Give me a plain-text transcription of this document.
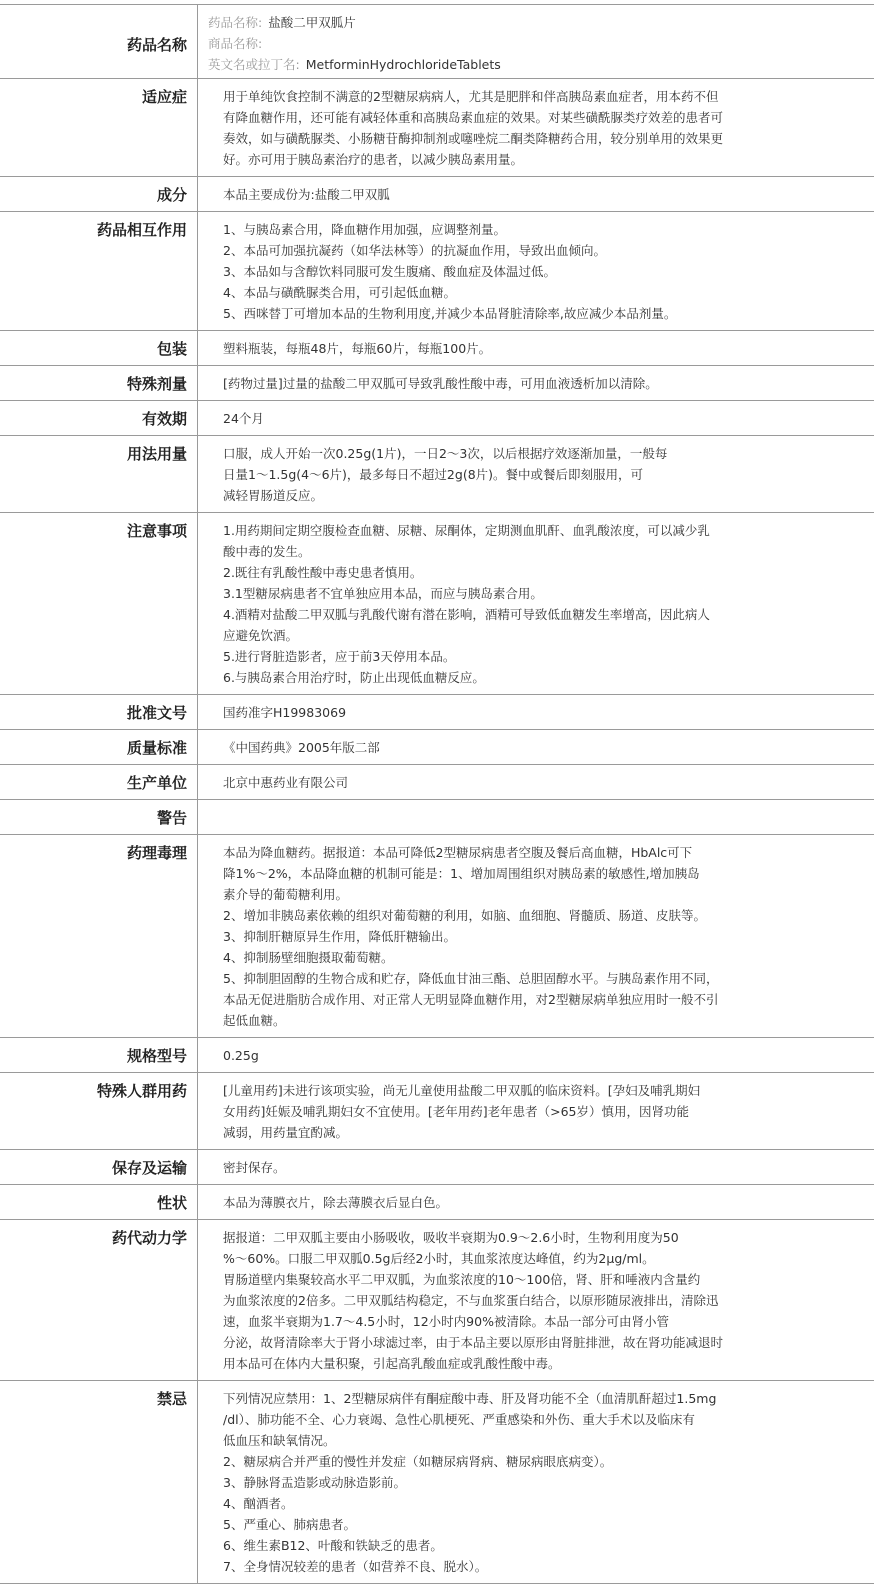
药品名称
药品名称: 盐酸二甲双胍片
商品名称:
英文名或拉丁名: MetforminHydrochlorideTablets
适应症	用于单纯饮食控制不满意的2型糖尿病病人，尤其是肥胖和伴高胰岛素血症者，用本药不但
有降血糖作用，还可能有减轻体重和高胰岛素血症的效果。对某些磺酰脲类疗效差的患者可
奏效，如与磺酰脲类、小肠糖苷酶抑制剂或噻唑烷二酮类降糖药合用，较分别单用的效果更
好。亦可用于胰岛素治疗的患者，以减少胰岛素用量。
成分	本品主要成份为:盐酸二甲双胍
药品相互作用	1、与胰岛素合用，降血糖作用加强，应调整剂量。
2、本品可加强抗凝药（如华法林等）的抗凝血作用，导致出血倾向。
3、本品如与含醇饮料同服可发生腹痛、酸血症及体温过低。
4、本品与磺酰脲类合用，可引起低血糖。
5、西咪替丁可增加本品的生物利用度,并减少本品肾脏清除率,故应减少本品剂量。
包装	塑料瓶装，每瓶48片，每瓶60片，每瓶100片。
特殊剂量	[药物过量]过量的盐酸二甲双胍可导致乳酸性酸中毒，可用血液透析加以清除。
有效期	24个月
用法用量	口服，成人开始一次0.25g(1片)，一日2～3次，以后根据疗效逐渐加量，一般每
日量1～1.5g(4～6片)，最多每日不超过2g(8片)。餐中或餐后即刻服用，可
减轻胃肠道反应。
注意事项	1.用药期间定期空腹检查血糖、尿糖、尿酮体，定期测血肌酐、血乳酸浓度，可以减少乳
酸中毒的发生。
2.既往有乳酸性酸中毒史患者慎用。
3.1型糖尿病患者不宜单独应用本品，而应与胰岛素合用。
4.酒精对盐酸二甲双胍与乳酸代谢有潜在影响，酒精可导致低血糖发生率增高，因此病人
应避免饮酒。
5.进行肾脏造影者，应于前3天停用本品。
6.与胰岛素合用治疗时，防止出现低血糖反应。
批准文号	国药准字H19983069
质量标准	《中国药典》2005年版二部
生产单位	北京中惠药业有限公司
警告

药理毒理	本品为降血糖药。据报道：本品可降低2型糖尿病患者空腹及餐后高血糖，HbAlc可下
降1%～2%，本品降血糖的机制可能是：1、增加周围组织对胰岛素的敏感性,增加胰岛
素介导的葡萄糖利用。
2、增加非胰岛素依赖的组织对葡萄糖的利用，如脑、血细胞、肾髓质、肠道、皮肤等。
3、抑制肝糖原异生作用，降低肝糖输出。
4、抑制肠壁细胞摄取葡萄糖。
5、抑制胆固醇的生物合成和贮存，降低血甘油三酯、总胆固醇水平。与胰岛素作用不同，
本品无促进脂肪合成作用、对正常人无明显降血糖作用，对2型糖尿病单独应用时一般不引
起低血糖。
规格型号	0.25g
特殊人群用药	[儿童用药]未进行该项实验，尚无儿童使用盐酸二甲双胍的临床资料。[孕妇及哺乳期妇
女用药]妊娠及哺乳期妇女不宜使用。[老年用药]老年患者（>65岁）慎用，因肾功能
减弱，用药量宜酌减。
保存及运输	密封保存。
性状	本品为薄膜衣片，除去薄膜衣后显白色。
药代动力学	据报道：二甲双胍主要由小肠吸收，吸收半衰期为0.9～2.6小时，生物利用度为50
%～60%。口服二甲双胍0.5g后经2小时，其血浆浓度达峰值，约为2μg/ml。
胃肠道壁内集聚较高水平二甲双胍，为血浆浓度的10～100倍，肾、肝和唾液内含量约
为血浆浓度的2倍多。二甲双胍结构稳定，不与血浆蛋白结合，以原形随尿液排出，清除迅
速，血浆半衰期为1.7～4.5小时，12小时内90%被清除。本品一部分可由肾小管
分泌，故肾清除率大于肾小球滤过率，由于本品主要以原形由肾脏排泄，故在肾功能减退时
用本品可在体内大量积聚，引起高乳酸血症或乳酸性酸中毒。
禁忌	下列情况应禁用：1、2型糖尿病伴有酮症酸中毒、肝及肾功能不全（血清肌酐超过1.5mg
/dl）、肺功能不全、心力衰竭、急性心肌梗死、严重感染和外伤、重大手术以及临床有
低血压和缺氧情况。
2、糖尿病合并严重的慢性并发症（如糖尿病肾病、糖尿病眼底病变）。
3、静脉肾盂造影或动脉造影前。
4、酗酒者。
5、严重心、肺病患者。
6、维生素B12、叶酸和铁缺乏的患者。
7、全身情况较差的患者（如营养不良、脱水）。
